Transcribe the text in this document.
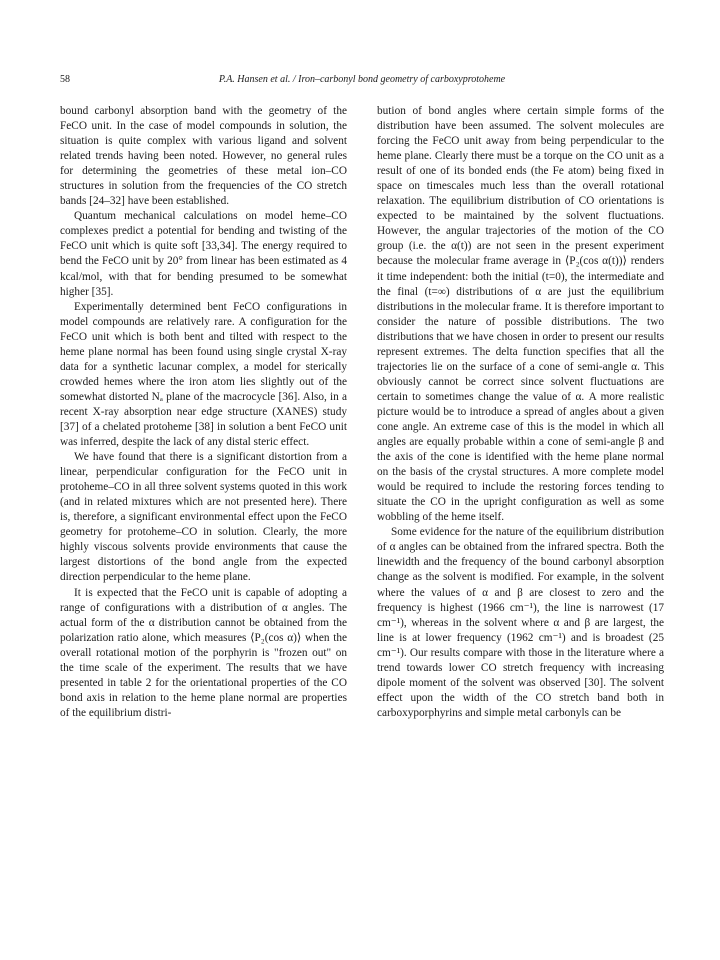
58	P.A. Hansen et al. / Iron–carbonyl bond geometry of carboxyprotoheme

bound carbonyl absorption band with the geometry of the FeCO unit. In the case of model compounds in solution, the situation is quite complex with various ligand and solvent related trends having been noted. However, no general rules for determining the geometries of these metal ion–CO structures in solution from the frequencies of the CO stretch bands [24–32] have been established.

Quantum mechanical calculations on model heme–CO complexes predict a potential for bending and twisting of the FeCO unit which is quite soft [33,34]. The energy required to bend the FeCO unit by 20° from linear has been estimated as 4 kcal/mol, with that for bending presumed to be somewhat higher [35].

Experimentally determined bent FeCO configurations in model compounds are relatively rare. A configuration for the FeCO unit which is both bent and tilted with respect to the heme plane normal has been found using single crystal X-ray data for a synthetic lacunar complex, a model for sterically crowded hemes where the iron atom lies slightly out of the somewhat distorted Nₐ plane of the macrocycle [36]. Also, in a recent X-ray absorption near edge structure (XANES) study [37] of a chelated protoheme [38] in solution a bent FeCO unit was inferred, despite the lack of any distal steric effect.

We have found that there is a significant distortion from a linear, perpendicular configuration for the FeCO unit in protoheme–CO in all three solvent systems quoted in this work (and in related mixtures which are not presented here). There is, therefore, a significant environmental effect upon the FeCO geometry for protoheme–CO in solution. Clearly, the more highly viscous solvents provide environments that cause the largest distortions of the bond angle from the expected direction perpendicular to the heme plane.

It is expected that the FeCO unit is capable of adopting a range of configurations with a distribution of α angles. The actual form of the α distribution cannot be obtained from the polarization ratio alone, which measures ⟨P₂(cos α)⟩ when the overall rotational motion of the porphyrin is "frozen out" on the time scale of the experiment. The results that we have presented in table 2 for the orientational properties of the CO bond axis in relation to the heme plane normal are properties of the equilibrium distri-

bution of bond angles where certain simple forms of the distribution have been assumed. The solvent molecules are forcing the FeCO unit away from being perpendicular to the heme plane. Clearly there must be a torque on the CO unit as a result of one of its bonded ends (the Fe atom) being fixed in space on timescales much less than the overall rotational relaxation. The equilibrium distribution of CO orientations is expected to be maintained by the solvent fluctuations. However, the angular trajectories of the motion of the CO group (i.e. the α(t)) are not seen in the present experiment because the molecular frame average in ⟨P₂(cos α(t))⟩ renders it time independent: both the initial (t=0), the intermediate and the final (t=∞) distributions of α are just the equilibrium distributions in the molecular frame. It is therefore important to consider the nature of possible distributions. The two distributions that we have chosen in order to present our results represent extremes. The delta function specifies that all the trajectories lie on the surface of a cone of semi-angle α. This obviously cannot be correct since solvent fluctuations are certain to sometimes change the value of α. A more realistic picture would be to introduce a spread of angles about a given cone angle. An extreme case of this is the model in which all angles are equally probable within a cone of semi-angle β and the axis of the cone is identified with the heme plane normal on the basis of the crystal structures. A more complete model would be required to include the restoring forces tending to situate the CO in the upright configuration as well as some wobbling of the heme itself.

Some evidence for the nature of the equilibrium distribution of α angles can be obtained from the infrared spectra. Both the linewidth and the frequency of the bound carbonyl absorption change as the solvent is modified. For example, in the solvent where the values of α and β are closest to zero and the frequency is highest (1966 cm⁻¹), the line is narrowest (17 cm⁻¹), whereas in the solvent where α and β are largest, the line is at lower frequency (1962 cm⁻¹) and is broadest (25 cm⁻¹). Our results compare with those in the literature where a trend towards lower CO stretch frequency with increasing dipole moment of the solvent was observed [30]. The solvent effect upon the width of the CO stretch band both in carboxyporphyrins and simple metal carbonyls can be
